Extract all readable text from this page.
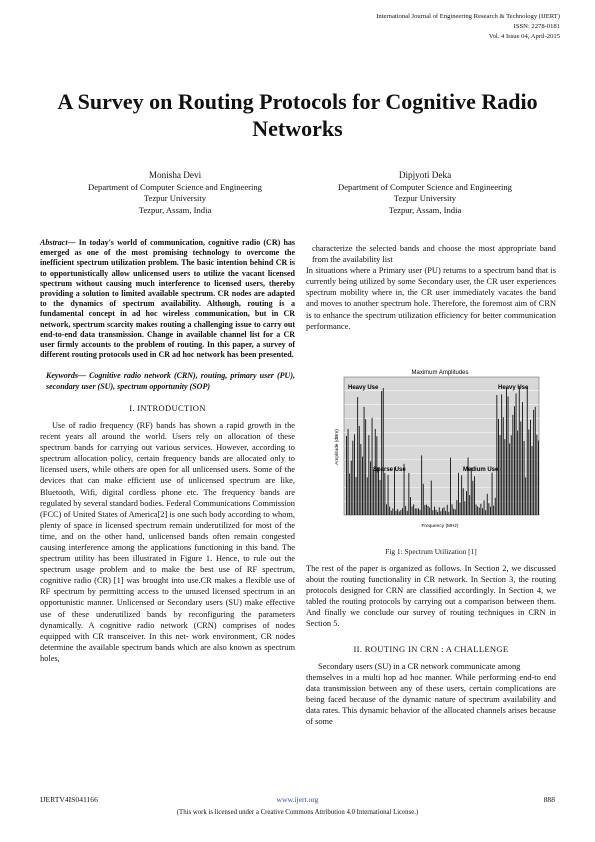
International Journal of Engineering Research & Technology (IJERT)
ISSN: 2278-0181
Vol. 4 Issue 04, April-2015
A Survey on Routing Protocols for Cognitive Radio Networks
Monisha Devi
Department of Computer Science and Engineering
Tezpur University
Tezpur, Assam, India
Dipjyoti Deka
Department of Computer Science and Engineering
Tezpur University
Tezpur, Assam, India

Abstract— In today's world of communication, cognitive radio (CR) has emerged as one of the most promising technology to overcome the inefficient spectrum utilization problem. The basic intention behind CR is to opportunistically allow unlicensed users to utilize the vacant licensed spectrum without causing much interference to licensed users, thereby providing a solution to limited available spectrum. CR nodes are adapted to the dynamics of spectrum availability. Although, routing is a fundamental concept in ad hoc wireless communication, but in CR network, spectrum scarcity makes routing a challenging issue to carry out end-to-end data transmission. Change in available channel list for a CR user firmly accounts to the problem of routing. In this paper, a survey of different routing protocols used in CR ad hoc network has been presented.

Keywords— Cognitive radio network (CRN), routing, primary user (PU), secondary user (SU), spectrum opportunity (SOP)

I. INTRODUCTION

Use of radio frequency (RF) bands has shown a rapid growth in the recent years all around the world. Users rely on allocation of these spectrum bands for carrying out various services. However, according to spectrum allocation policy, certain frequency bands are allocated only to licensed users, while others are open for all unlicensed users. Some of the devices that can make efficient use of unlicensed spectrum are like, Bluetooth, Wifi, digital cordless phone etc. The frequency bands are regulated by several standard bodies. Federal Communications Commission (FCC) of United States of America[2] is one such body according to whom, plenty of space in licensed spectrum remain underutilized for most of the time, and on the other hand, unlicensed bands often remain congested causing interference among the applications functioning in this band. The spectrum utility has been illustrated in Figure 1. Hence, to rule out the spectrum usage problem and to make the best use of RF spectrum, cognitive radio (CR) [1] was brought into use.CR makes a flexible use of RF spectrum by permitting access to the unused licensed spectrum in an opportunistic manner. Unlicensed or Secondary users (SU) make effective use of these underutilized bands by reconfiguring the parameters dynamically. A cognitive radio network (CRN) comprises of nodes equipped with CR transceiver. In this net- work environment, CR nodes determine the available spectrum bands which are also known as spectrum holes,

characterize the selected bands and choose the most appropriate band from the availability list

In situations where a Primary user (PU) returns to a spectrum band that is currently being utilized by some Secondary user, the CR user experiences spectrum mobility where in, the CR user immediately vacates the band and moves to another spectrum hole. Therefore, the foremost aim of CRN is to enhance the spectrum utilization efficiency for better communication performance.

Maximum Amplitudes
Heavy Use	Heavy Use
Sparse Use	Medium Use
Amplitude (dBm)
Frequency (MHz)
Fig 1: Spectrum Utilization [1]

The rest of the paper is organized as follows. In Section 2, we discussed about the routing functionality in CR network. In Section 3, the routing protocols designed for CRN are classified accordingly. In Section 4, we tabled the routing protocols by carrying out a comparison between them. And finally we conclude our survey of routing techniques in CRN in Section 5.

II. ROUTING IN CRN : A CHALLENGE

Secondary users (SU) in a CR network communicate among

themselves in a multi hop ad hoc manner. While performing end-to end data transmission between any of these users, certain complications are being faced because of the dynamic nature of spectrum availability and data rates. This dynamic behavior of the allocated channels arises because of some

IJERTV4IS041166	www.ijert.org	888
(This work is licensed under a Creative Commons Attribution 4.0 International License.)
